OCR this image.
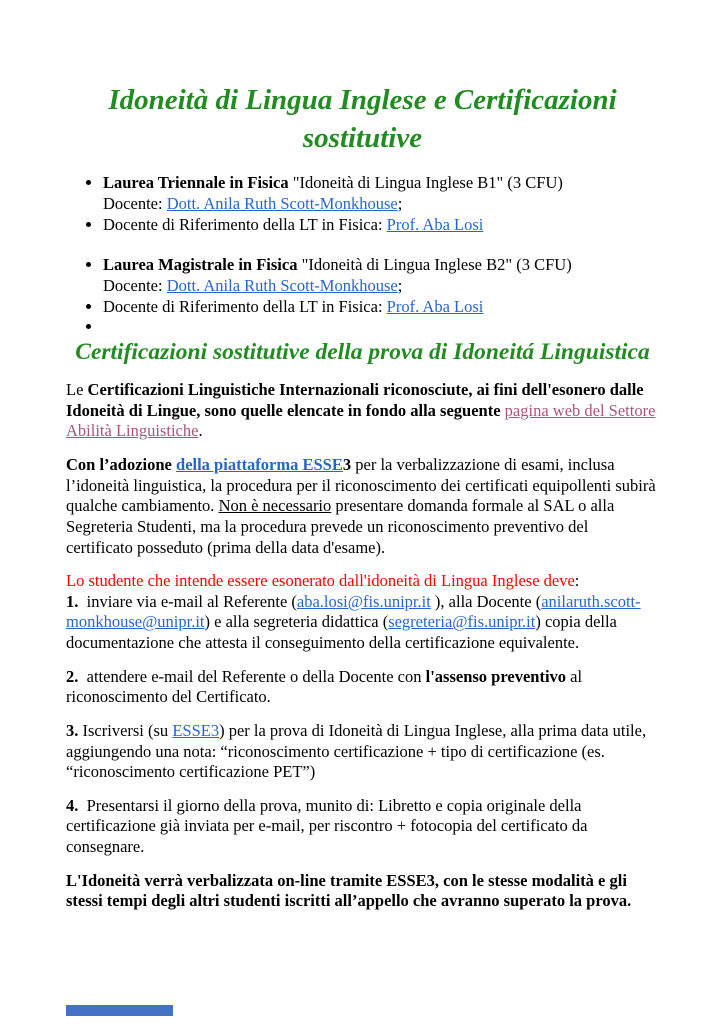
Idoneità di Lingua Inglese e Certificazioni sostitutive
• Laurea Triennale in Fisica "Idoneità di Lingua Inglese B1" (3 CFU)
Docente: Dott. Anila Ruth Scott-Monkhouse;
• Docente di Riferimento della LT in Fisica: Prof. Aba Losi
• Laurea Magistrale in Fisica "Idoneità di Lingua Inglese B2" (3 CFU)
Docente: Dott. Anila Ruth Scott-Monkhouse;
• Docente di Riferimento della LT in Fisica: Prof. Aba Losi
•
Certificazioni sostitutive della prova di Idoneitá Linguistica

Le Certificazioni Linguistiche Internazionali riconosciute, ai fini dell'esonero dalle Idoneità di Lingue, sono quelle elencate in fondo alla seguente pagina web del Settore Abilità Linguistiche.

Con l’adozione della piattaforma ESSE3 per la verbalizzazione di esami, inclusa l’idoneità linguistica, la procedura per il riconoscimento dei certificati equipollenti subirà qualche cambiamento. Non è necessario presentare domanda formale al SAL o alla Segreteria Studenti, ma la procedura prevede un riconoscimento preventivo del certificato posseduto (prima della data d'esame).

Lo studente che intende essere esonerato dall'idoneità di Lingua Inglese deve:
1.  inviare via e-mail al Referente (aba.losi@fis.unipr.it ), alla Docente (anilaruth.scott-monkhouse@unipr.it) e alla segreteria didattica (segreteria@fis.unipr.it) copia della documentazione che attesta il conseguimento della certificazione equivalente.

2.  attendere e-mail del Referente o della Docente con l'assenso preventivo al riconoscimento del Certificato.

3. Iscriversi (su ESSE3) per la prova di Idoneità di Lingua Inglese, alla prima data utile, aggiungendo una nota: “riconoscimento certificazione + tipo di certificazione (es. “riconoscimento certificazione PET”)

4.  Presentarsi il giorno della prova, munito di: Libretto e copia originale della certificazione già inviata per e-mail, per riscontro + fotocopia del certificato da consegnare.

L'Idoneità verrà verbalizzata on-line tramite ESSE3, con le stesse modalità e gli stessi tempi degli altri studenti iscritti all’appello che avranno superato la prova.
